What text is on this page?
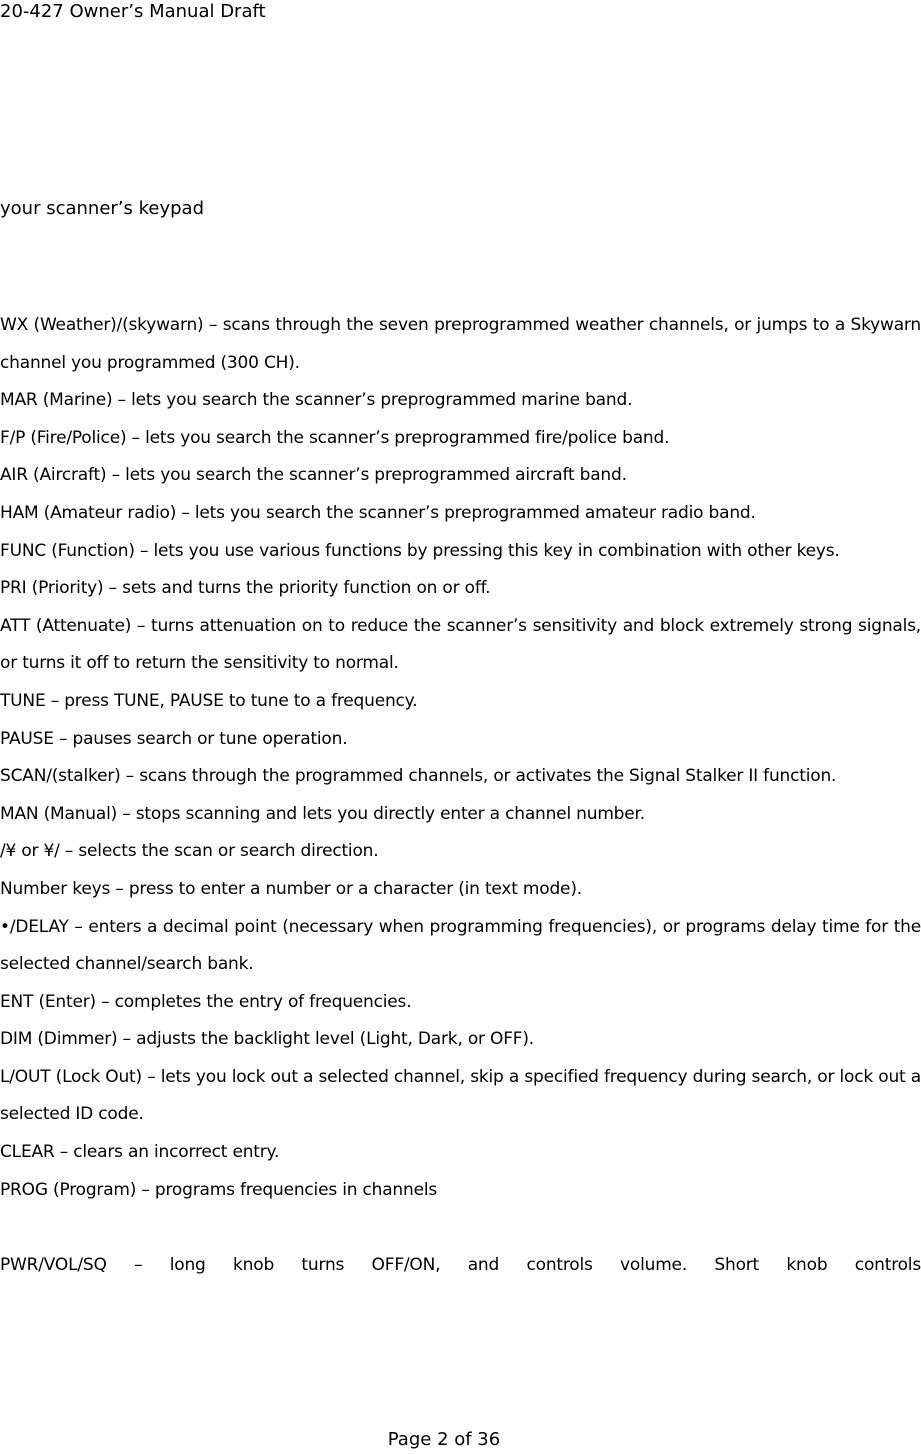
20-427 Owner’s Manual Draft
your scanner’s keypad

WX (Weather)/(skywarn) – scans through the seven preprogrammed weather channels, or jumps to a Skywarn channel you programmed (300 CH).

MAR (Marine) – lets you search the scanner’s preprogrammed marine band.

F/P (Fire/Police) – lets you search the scanner’s preprogrammed fire/police band.

AIR (Aircraft) – lets you search the scanner’s preprogrammed aircraft band.

HAM (Amateur radio) – lets you search the scanner’s preprogrammed amateur radio band.

FUNC (Function) – lets you use various functions by pressing this key in combination with other keys.

PRI (Priority) – sets and turns the priority function on or off.

ATT (Attenuate) – turns attenuation on to reduce the scanner’s sensitivity and block extremely strong signals, or turns it off to return the sensitivity to normal.

TUNE – press TUNE, PAUSE to tune to a frequency.

PAUSE – pauses search or tune operation.

SCAN/(stalker) – scans through the programmed channels, or activates the Signal Stalker II function.

MAN (Manual) – stops scanning and lets you directly enter a channel number.

/¥ or ¥/ – selects the scan or search direction.

Number keys – press to enter a number or a character (in text mode).

•/DELAY – enters a decimal point (necessary when programming frequencies), or programs delay time for the selected channel/search bank.

ENT (Enter) – completes the entry of frequencies.

DIM (Dimmer) – adjusts the backlight level (Light, Dark, or OFF).

L/OUT (Lock Out) – lets you lock out a selected channel, skip a specified frequency during search, or lock out a selected ID code.

CLEAR – clears an incorrect entry.

PROG (Program) – programs frequencies in channels

PWR/VOL/SQ – long knob turns OFF/ON, and controls volume. Short knob controls

Page 2 of 36
